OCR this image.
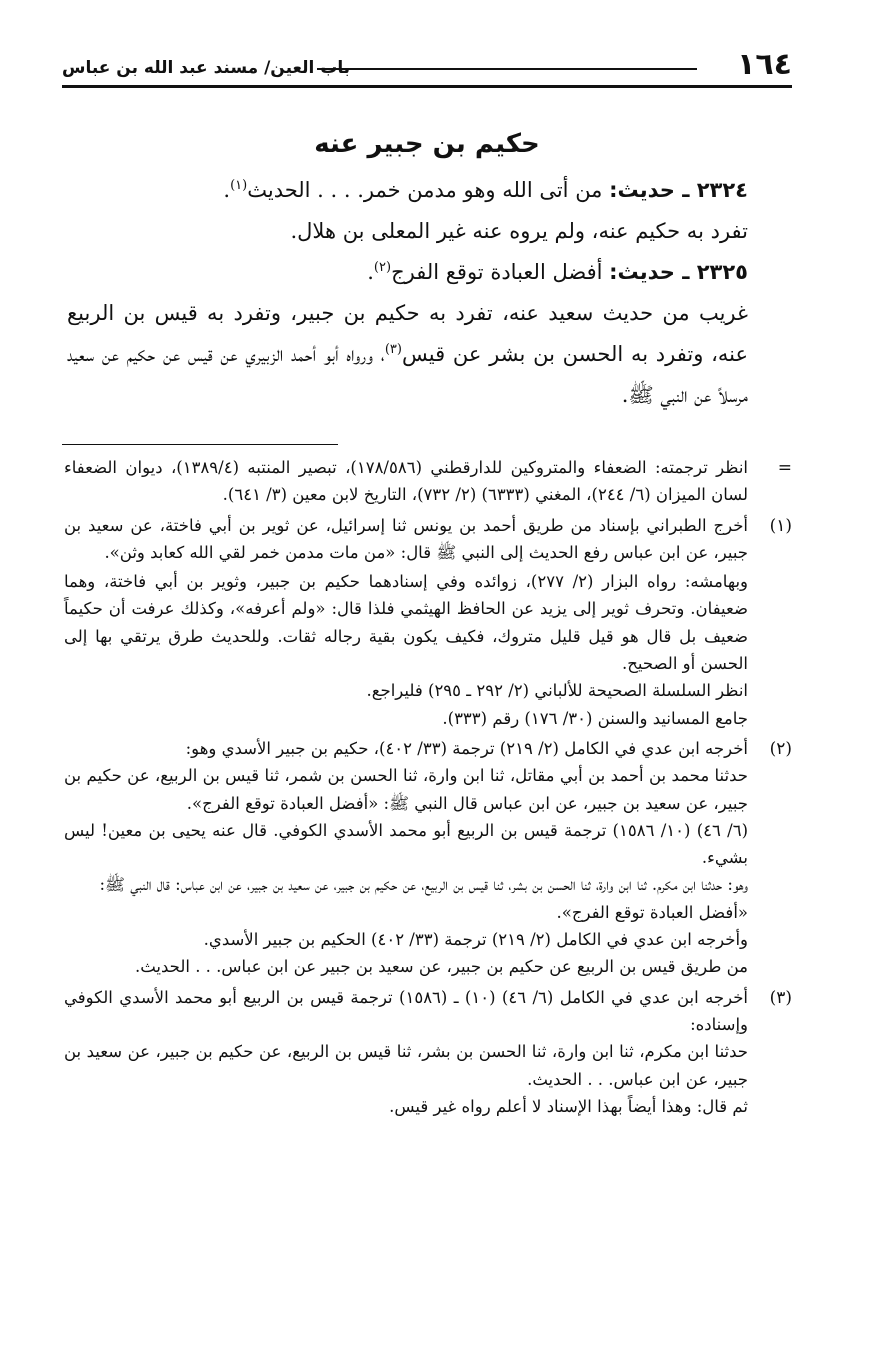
١٦٤
باب العين/ مسند عبد الله بن عباس
حكيم بن جبير عنه

٢٣٢٤ ـ حديث: من أتى الله وهو مدمن خمر. . . . الحديث$^{(١)}$.

تفرد به حكيم عنه، ولم يروه عنه غير المعلى بن هلال.

٢٣٢٥ ـ حديث: أفضل العبادة توقع الفرج$^{(٢)}$.

غريب من حديث سعيد عنه، تفرد به حكيم بن جبير، وتفرد به قيس بن الربيع عنه، وتفرد به الحسن بن بشر عن قيس$^{(٣)}$، ورواه أبو أحمد الزبيري عن قيس عن حكيم عن سعيد مرسلاً عن النبي ﷺ.

=

انظر ترجمته: الضعفاء والمتروكين للدارقطني (١٧٨/٥٨٦)، تبصير المنتبه (١٣٨٩/٤)، ديوان الضعفاء لسان الميزان (٦/ ٢٤٤)، المغني (٦٣٣٣) (٢/ ٧٣٢)، التاريخ لابن معين (٣/ ٦٤١).

(١)

أخرج الطبراني بإسناد من طريق أحمد بن يونس ثنا إسرائيل، عن ثوير بن أبي فاختة، عن سعيد بن جبير، عن ابن عباس رفع الحديث إلى النبي ﷺ قال: «من مات مدمن خمر لقي الله كعابد وثن».

وبهامشه: رواه البزار (٢/ ٢٧٧)، زوائده وفي إسنادهما حكيم بن جبير، وثوير بن أبي فاختة، وهما ضعيفان. وتحرف ثوير إلى يزيد عن الحافظ الهيثمي فلذا قال: «ولم أعرفه»، وكذلك عرفت أن حكيماً ضعيف بل قال هو قيل قليل متروك، فكيف يكون بقية رجاله ثقات. وللحديث طرق يرتقي بها إلى الحسن أو الصحيح.

انظر السلسلة الصحيحة للألباني (٢/ ٢٩٢ ـ ٢٩٥) فليراجع.

جامع المسانيد والسنن (٣٠/ ١٧٦) رقم (٣٣٣).

(٢)

أخرجه ابن عدي في الكامل (٢/ ٢١٩) ترجمة (٣٣/ ٤٠٢)، حكيم بن جبير الأسدي وهو:

حدثنا محمد بن أحمد بن أبي مقاتل، ثنا ابن وارة، ثنا الحسن بن شمر، ثنا قيس بن الربيع، عن حكيم بن جبير، عن سعيد بن جبير، عن ابن عباس قال النبي ﷺ: «أفضل العبادة توقع الفرج».

(٦/ ٤٦) (١٠/ ١٥٨٦) ترجمة قيس بن الربيع أبو محمد الأسدي الكوفي. قال عنه يحيى بن معين! ليس بشيء.

وهو: حدثنا ابن مكرم. ثنا ابن وارة، ثنا الحسن بن بشر، ثنا قيس بن الربيع، عن حكيم بن جبير، عن سعيد بن جبير، عن ابن عباس: قال النبي ﷺ:

«أفضل العبادة توقع الفرج».

وأخرجه ابن عدي في الكامل (٢/ ٢١٩) ترجمة (٣٣/ ٤٠٢) الحكيم بن جبير الأسدي.

من طريق قيس بن الربيع عن حكيم بن جبير، عن سعيد بن جبير عن ابن عباس. . . الحديث.

(٣)

أخرجه ابن عدي في الكامل (٦/ ٤٦) (١٠) ـ (١٥٨٦) ترجمة قيس بن الربيع أبو محمد الأسدي الكوفي وإسناده:

حدثنا ابن مكرم، ثنا ابن وارة، ثنا الحسن بن بشر، ثنا قيس بن الربيع، عن حكيم بن جبير، عن سعيد بن جبير، عن ابن عباس. . . الحديث.

ثم قال: وهذا أيضاً بهذا الإسناد لا أعلم رواه غير قيس.
